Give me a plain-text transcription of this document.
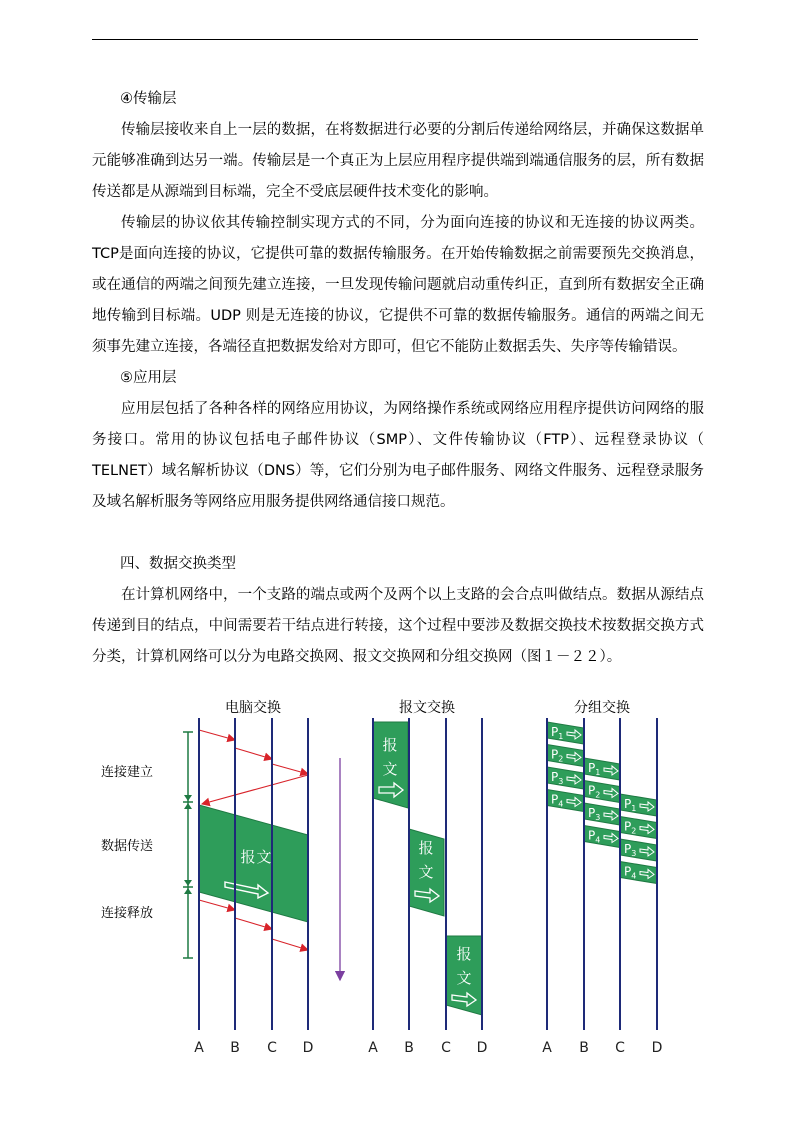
④传输层

传输层接收来自上一层的数据，在将数据进行必要的分割后传递给网络层，并确保这数据单元能够准确到达另一端。传输层是一个真正为上层应用程序提供端到端通信服务的层，所有数据传送都是从源端到目标端，完全不受底层硬件技术变化的影响。

传输层的协议依其传输控制实现方式的不同，分为面向连接的协议和无连接的协议两类。TCP是面向连接的协议，它提供可靠的数据传输服务。在开始传输数据之前需要预先交换消息，或在通信的两端之间预先建立连接，一旦发现传输问题就启动重传纠正，直到所有数据安全正确地传输到目标端。UDP 则是无连接的协议，它提供不可靠的数据传输服务。通信的两端之间无须事先建立连接，各端径直把数据发给对方即可，但它不能防止数据丢失、失序等传输错误。

⑤应用层

应用层包括了各种各样的网络应用协议，为网络操作系统或网络应用程序提供访问网络的服务接口。常用的协议包括电子邮件协议（SMP）、文件传输协议（FTP）、远程登录协议（ TELNET）域名解析协议（DNS）等，它们分别为电子邮件服务、网络文件服务、远程登录服务及域名解析服务等网络应用服务提供网络通信接口规范。

四、数据交换类型

在计算机网络中，一个支路的端点或两个及两个以上支路的会合点叫做结点。数据从源结点传递到目的结点，中间需要若干结点进行转接，这个过程中要涉及数据交换技术按数据交换方式分类，计算机网络可以分为电路交换网、报文交换网和分组交换网（图１－２２）。

电脑交换	报文交换	分组交换
连接建立
数据传送
连接释放
报 文
报
文
报
文
报
文
$P_1$
$P_2$
$P_3$
$P_4$
$P_1$
$P_2$
$P_3$
$P_4$
$P_1$
$P_2$
$P_3$
$P_4$
A B C D	A B C D	A B C D
